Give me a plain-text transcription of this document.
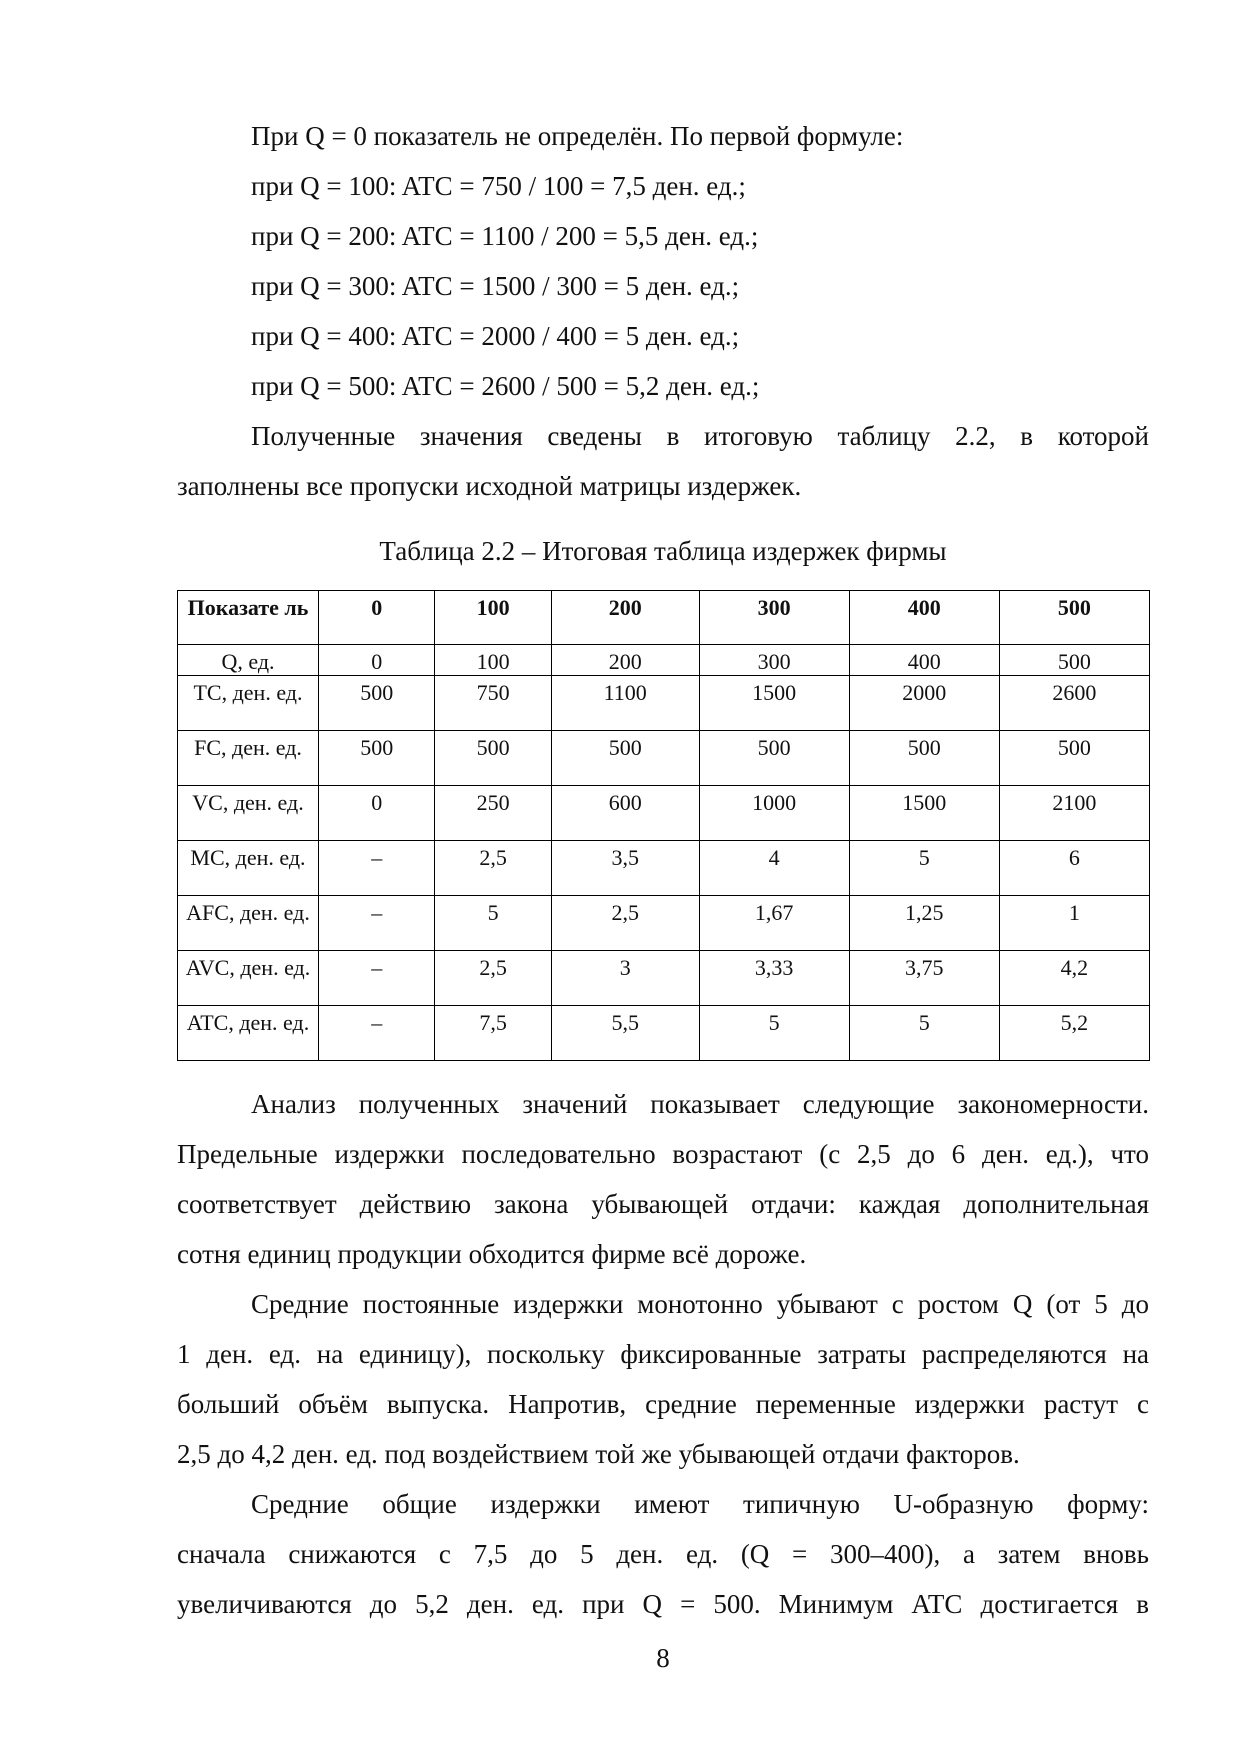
При Q = 0 показатель не определён. По первой формуле:
при Q = 100: ATC = 750 / 100 = 7,5 ден. ед.;
при Q = 200: ATC = 1100 / 200 = 5,5 ден. ед.;
при Q = 300: ATC = 1500 / 300 = 5 ден. ед.;
при Q = 400: ATC = 2000 / 400 = 5 ден. ед.;
при Q = 500: ATC = 2600 / 500 = 5,2 ден. ед.;
Полученные значения сведены в итоговую таблицу 2.2, в которой
заполнены все пропуски исходной матрицы издержек.
Таблица 2.2 – Итоговая таблица издержек фирмы
Показате ль	0	100	200	300	400	500
Q, ед.	0	100	200	300	400	500
TC, ден. ед.	500	750	1100	1500	2000	2600
FC, ден. ед.	500	500	500	500	500	500
VC, ден. ед.	0	250	600	1000	1500	2100
MC, ден. ед.	–	2,5	3,5	4	5	6
AFC, ден. ед.	–	5	2,5	1,67	1,25	1
AVC, ден. ед.	–	2,5	3	3,33	3,75	4,2
ATC, ден. ед.	–	7,5	5,5	5	5	5,2
Анализ полученных значений показывает следующие закономерности.
Предельные издержки последовательно возрастают (с 2,5 до 6 ден. ед.), что
соответствует действию закона убывающей отдачи: каждая дополнительная
сотня единиц продукции обходится фирме всё дороже.
Средние постоянные издержки монотонно убывают с ростом Q (от 5 до
1 ден. ед. на единицу), поскольку фиксированные затраты распределяются на
больший объём выпуска. Напротив, средние переменные издержки растут с
2,5 до 4,2 ден. ед. под воздействием той же убывающей отдачи факторов.
Средние общие издержки имеют типичную U-образную форму:
сначала снижаются с 7,5 до 5 ден. ед. (Q = 300–400), а затем вновь
увеличиваются до 5,2 ден. ед. при Q = 500. Минимум ATC достигается в
8
